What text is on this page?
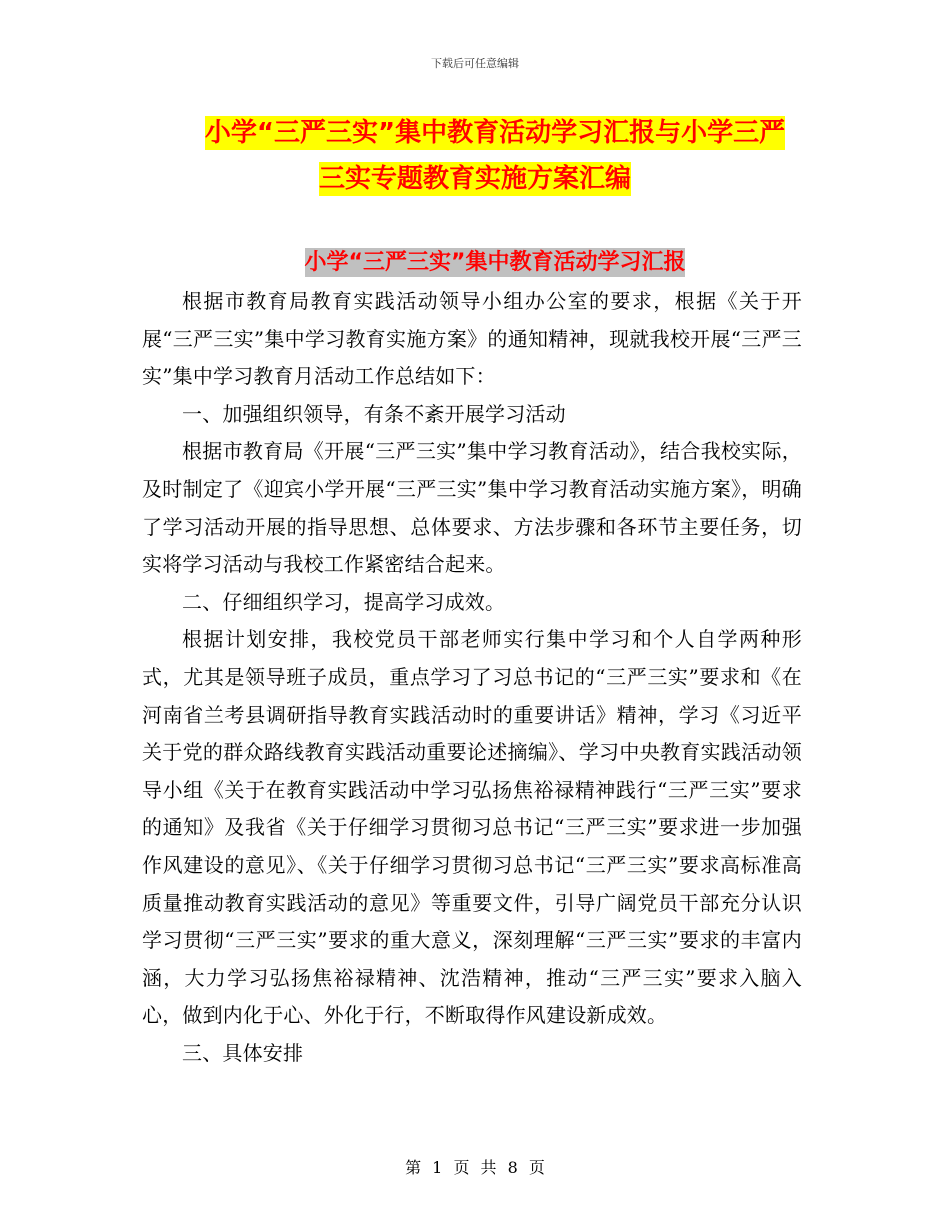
下载后可任意编辑
小学“三严三实”集中教育活动学习汇报与小学三严
三实专题教育实施方案汇编
小学“三严三实”集中教育活动学习汇报

根据市教育局教育实践活动领导小组办公室的要求，根据《关于开展“三严三实”集中学习教育实施方案》的通知精神，现就我校开展“三严三实”集中学习教育月活动工作总结如下：

一、加强组织领导，有条不紊开展学习活动

根据市教育局《开展“三严三实”集中学习教育活动》，结合我校实际，及时制定了《迎宾小学开展“三严三实”集中学习教育活动实施方案》，明确了学习活动开展的指导思想、总体要求、方法步骤和各环节主要任务，切实将学习活动与我校工作紧密结合起来。

二、仔细组织学习，提高学习成效。

根据计划安排，我校党员干部老师实行集中学习和个人自学两种形式，尤其是领导班子成员，重点学习了习总书记的“三严三实”要求和《在河南省兰考县调研指导教育实践活动时的重要讲话》精神，学习《习近平关于党的群众路线教育实践活动重要论述摘编》、学习中央教育实践活动领导小组《关于在教育实践活动中学习弘扬焦裕禄精神践行“三严三实”要求的通知》及我省《关于仔细学习贯彻习总书记“三严三实”要求进一步加强作风建设的意见》、《关于仔细学习贯彻习总书记“三严三实”要求高标准高质量推动教育实践活动的意见》等重要文件，引导广阔党员干部充分认识学习贯彻“三严三实”要求的重大意义，深刻理解“三严三实”要求的丰富内涵，大力学习弘扬焦裕禄精神、沈浩精神，推动“三严三实”要求入脑入心，做到内化于心、外化于行，不断取得作风建设新成效。

三、具体安排

第 1 页 共 8 页
